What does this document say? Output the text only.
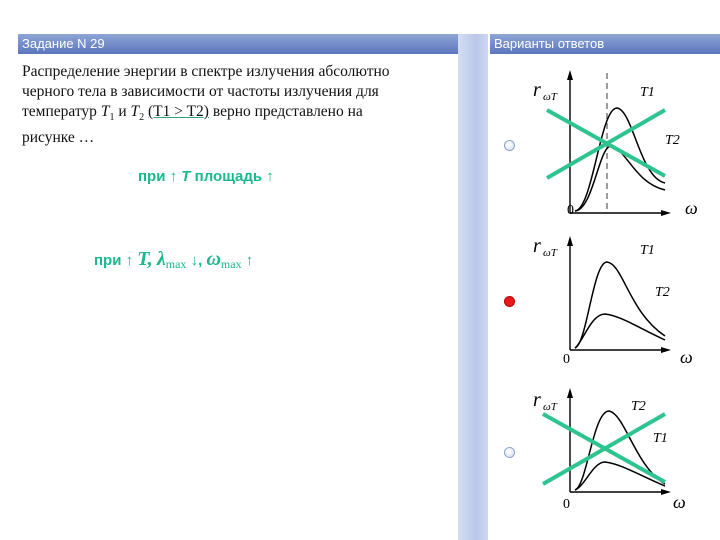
Задание N 29	Варианты ответов
Распределение энергии в спектре излучения абсолютно
черного тела в зависимости от частоты излучения для
температур $T_1$ и $T_2$ (T1 > T2) верно представлено на
рисунке …
при ↑ T площадь ↑
при ↑ T, $\lambda_{max}$ ↓, $\omega_{max}$ ↑
r ωT	T1
T2
0	ω
r ωT	T1
T2
0	ω
r ωT	T2
T1
0	ω
